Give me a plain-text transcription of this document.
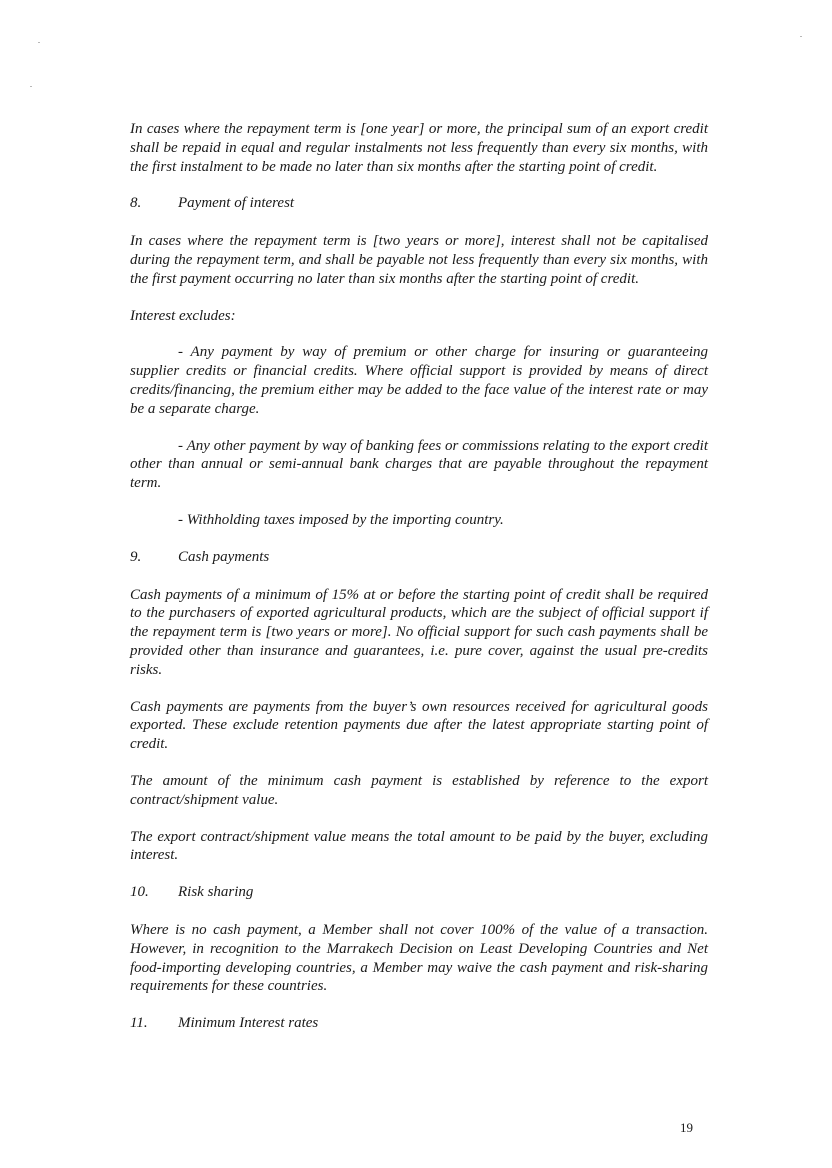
In cases where the repayment term is [one year] or more, the principal sum of an export credit shall be repaid in equal and regular instalments not less frequently than every six months, with the first instalment to be made no later than six months after the starting point of credit.

8.	Payment of interest

In cases where the repayment term is [two years or more], interest shall not be capitalised during the repayment term, and shall be payable not less frequently than every six months, with the first payment occurring no later than six months after the starting point of credit.

Interest excludes:

- Any payment by way of premium or other charge for insuring or guaranteeing supplier credits or financial credits. Where official support is provided by means of direct credits/financing, the premium either may be added to the face value of the interest rate or may be a separate charge.

- Any other payment by way of banking fees or commissions relating to the export credit other than annual or semi-annual bank charges that are payable throughout the repayment term.

- Withholding taxes imposed by the importing country.

9.	Cash payments

Cash payments of a minimum of 15% at or before the starting point of credit shall be required to the purchasers of exported agricultural products, which are the subject of official support if the repayment term is [two years or more]. No official support for such cash payments shall be provided other than insurance and guarantees, i.e. pure cover, against the usual pre-credits risks.

Cash payments are payments from the buyer’s own resources received for agricultural goods exported. These exclude retention payments due after the latest appropriate starting point of credit.

The amount of the minimum cash payment is established by reference to the export contract/shipment value.

The export contract/shipment value means the total amount to be paid by the buyer, excluding interest.

10.	Risk sharing

Where is no cash payment, a Member shall not cover 100% of the value of a transaction. However, in recognition to the Marrakech Decision on Least Developing Countries and Net food-importing developing countries, a Member may waive the cash payment and risk-sharing requirements for these countries.

11.	Minimum Interest rates
19
